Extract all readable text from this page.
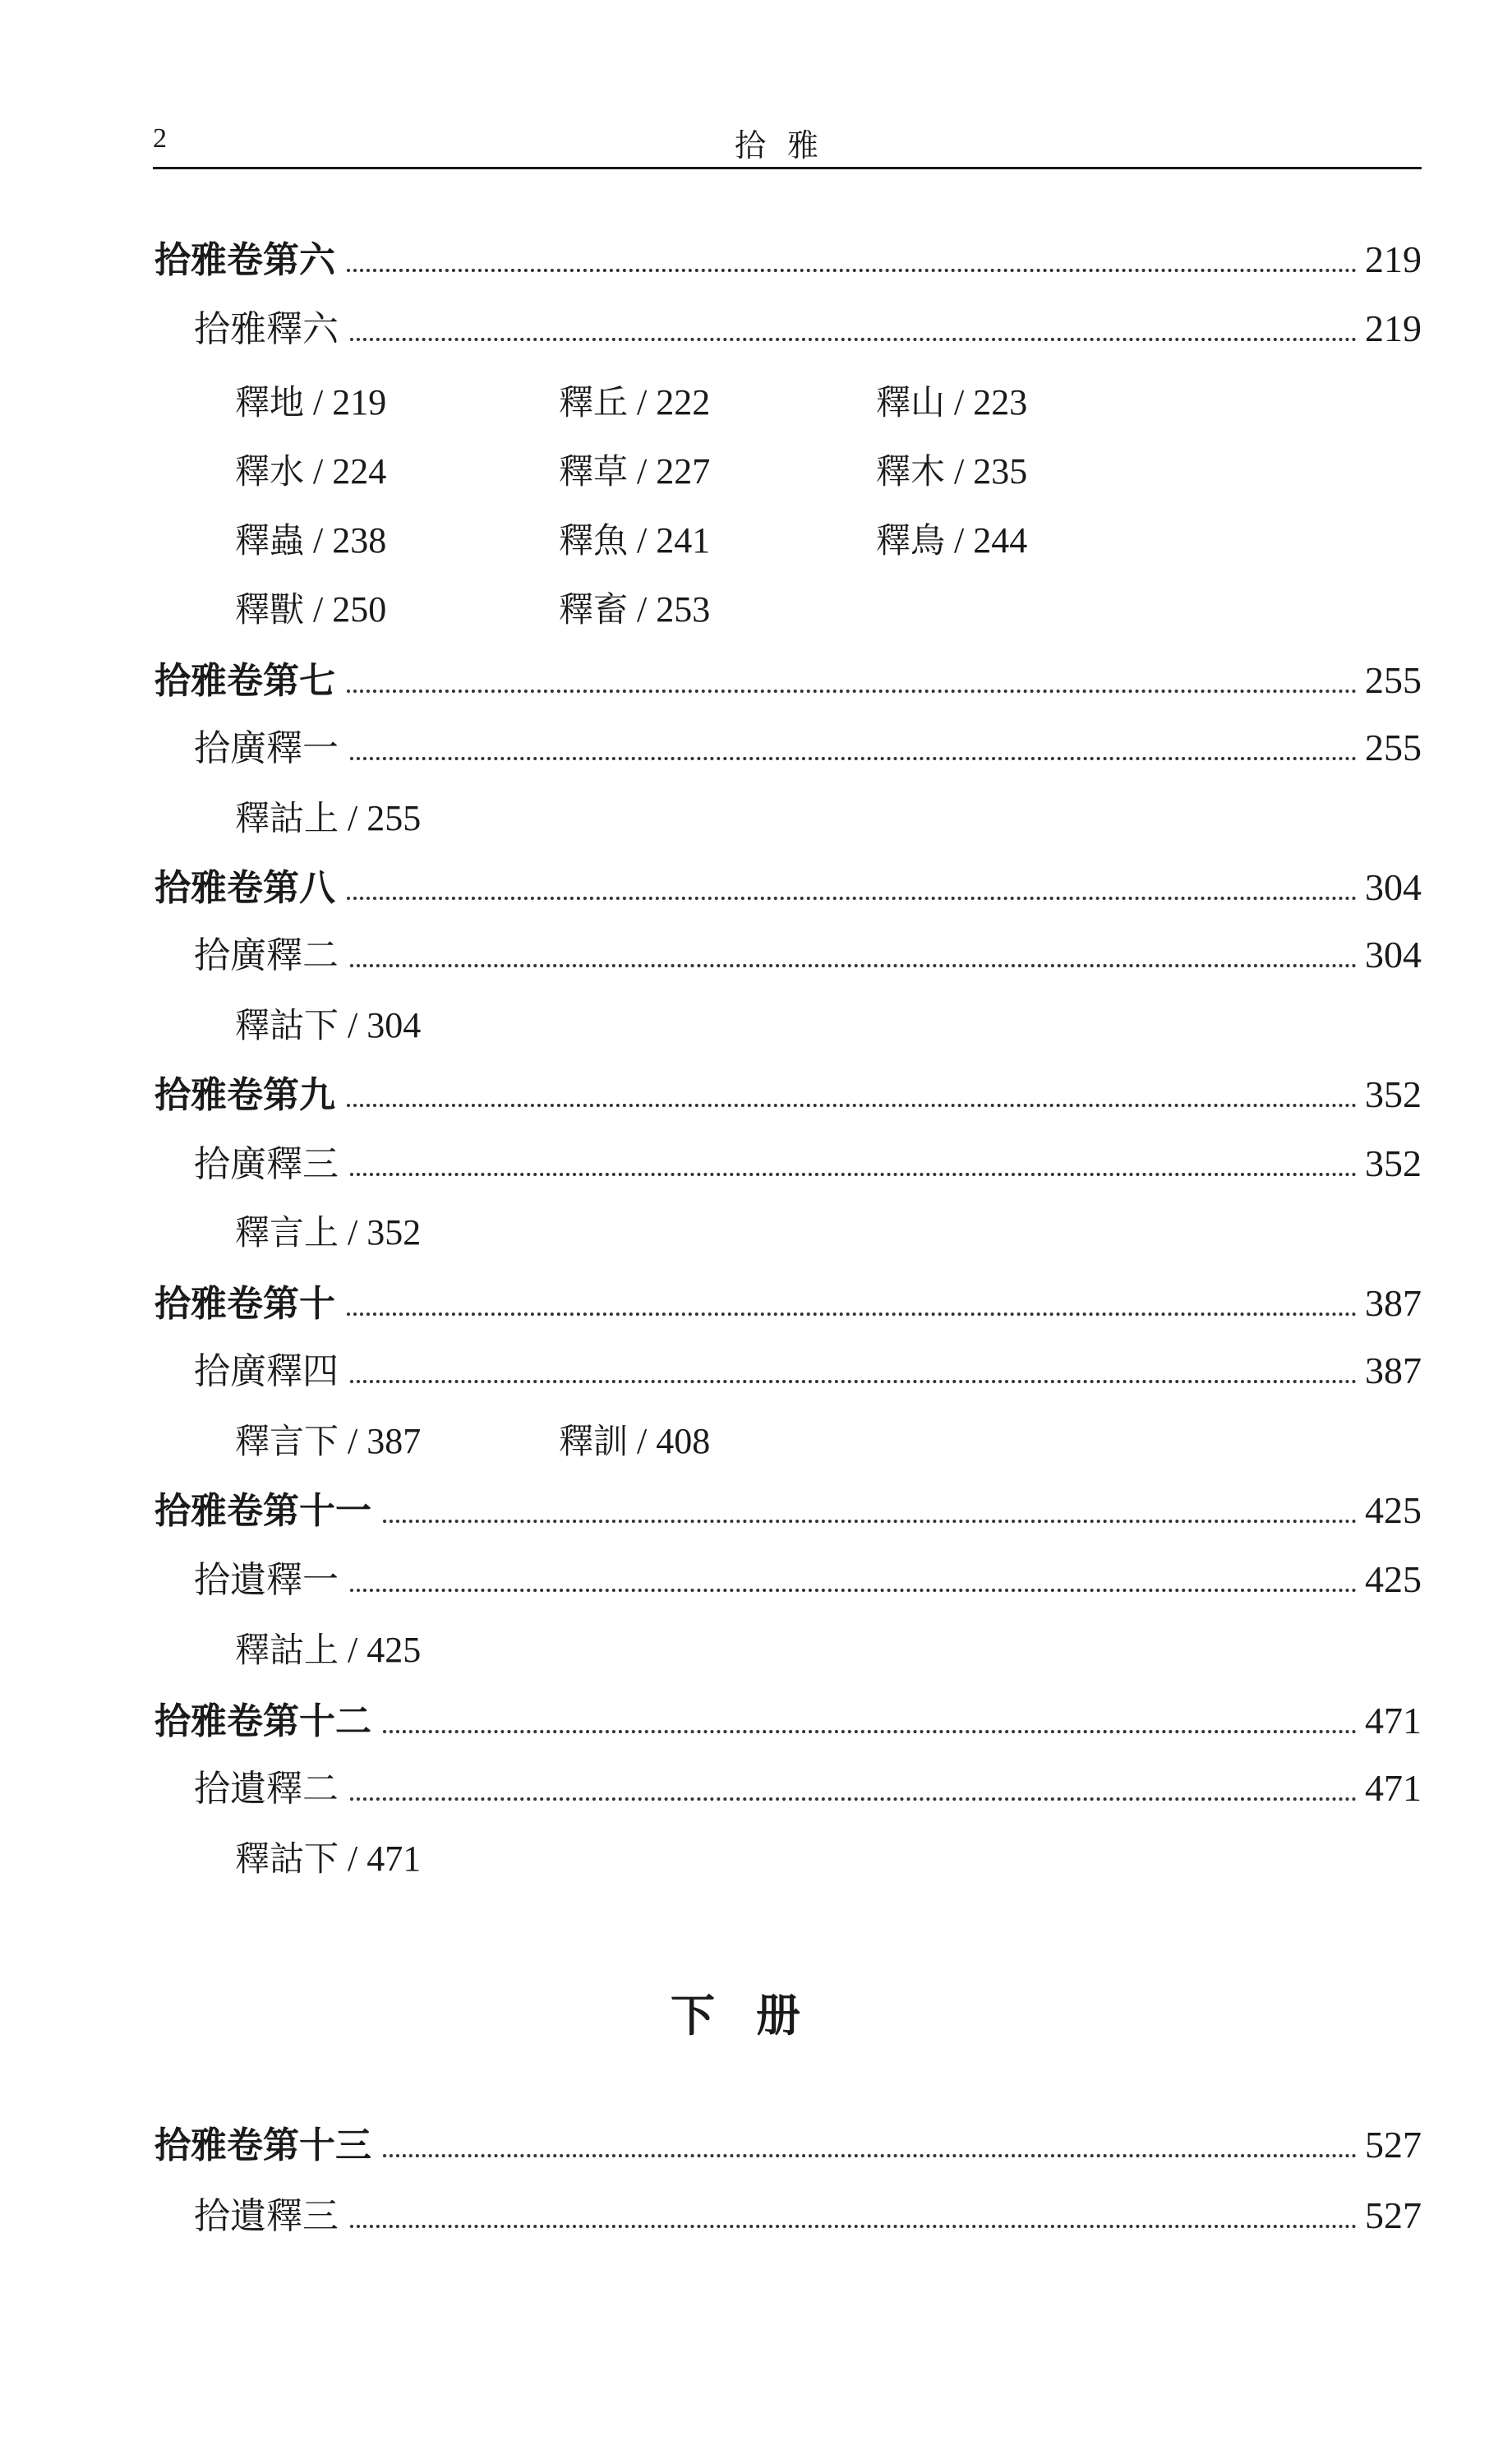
2	拾雅
拾雅卷第六	219
拾雅釋六	219
拾雅卷第七	255
拾廣釋一	255
拾雅卷第八	304
拾廣釋二	304
拾雅卷第九	352
拾廣釋三	352
拾雅卷第十	387
拾廣釋四	387
拾雅卷第十一	425
拾遺釋一	425
拾雅卷第十二	471
拾遺釋二	471
下册
拾雅卷第十三	527
拾遺釋三	527
釋地 / 219	釋丘 / 222	釋山 / 223
釋水 / 224	釋草 / 227	釋木 / 235
釋蟲 / 238	釋魚 / 241	釋鳥 / 244
釋獸 / 250	釋畜 / 253
釋詁上 / 255
釋詁下 / 304
釋言上 / 352
釋言下 / 387	釋訓 / 408
釋詁上 / 425
釋詁下 / 471
